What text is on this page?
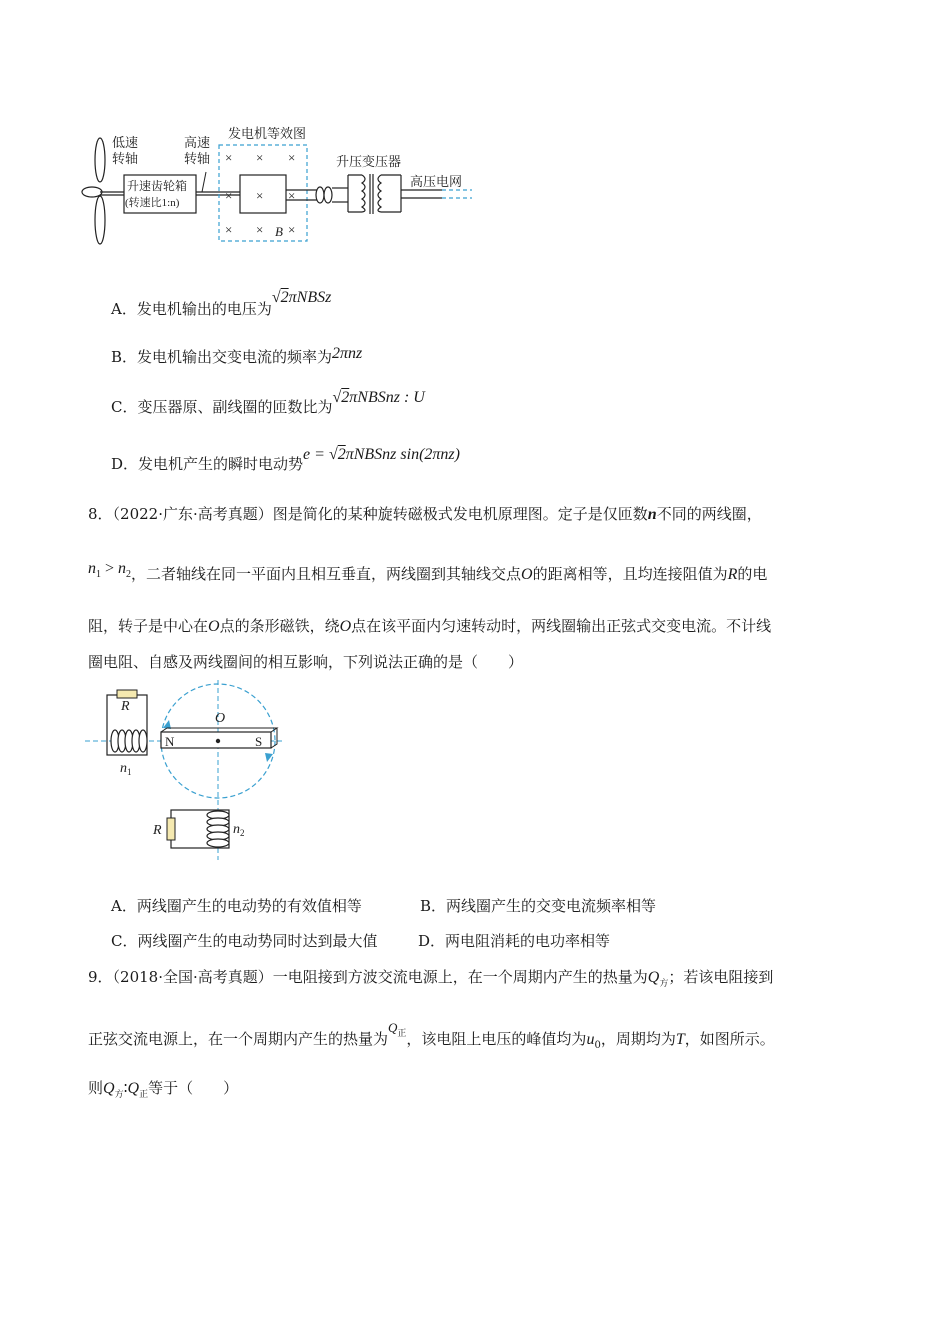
低速
转轴
升速齿轮箱
(转速比1:n)
高速
转轴
发电机等效图
× × ×
× × ×
× × ×
B
升压变压器
高压电网
A．发电机输出的电压为√2πNBSz
B．发电机输出交变电流的频率为2πnz
C．变压器原、副线圈的匝数比为√2πNBSnz : U
D．发电机产生的瞬时电动势e = √2πNBSnz sin(2πnz)
8．（2022·广东·高考真题）图是简化的某种旋转磁极式发电机原理图。定子是仅匝数n不同的两线圈，
$n_1 > n_2$，二者轴线在同一平面内且相互垂直，两线圈到其轴线交点O的距离相等，且均连接阻值为R的电
阻，转子是中心在O点的条形磁铁，绕O点在该平面内匀速转动时，两线圈输出正弦式交变电流。不计线
圈电阻、自感及两线圈间的相互影响，下列说法正确的是（　　）
R
$n_1$
N	S
O
R	$n_2$
A．两线圈产生的电动势的有效值相等	B．两线圈产生的交变电流频率相等
C．两线圈产生的电动势同时达到最大值	D．两电阻消耗的电功率相等
9．（2018·全国·高考真题）一电阻接到方波交流电源上，在一个周期内产生的热量为$Q_方$；若该电阻接到
正弦交流电源上，在一个周期内产生的热量为$Q_正$，该电阻上电压的峰值均为$u_0$，周期均为T，如图所示。
则$Q_方∶Q_正$等于（　　）
